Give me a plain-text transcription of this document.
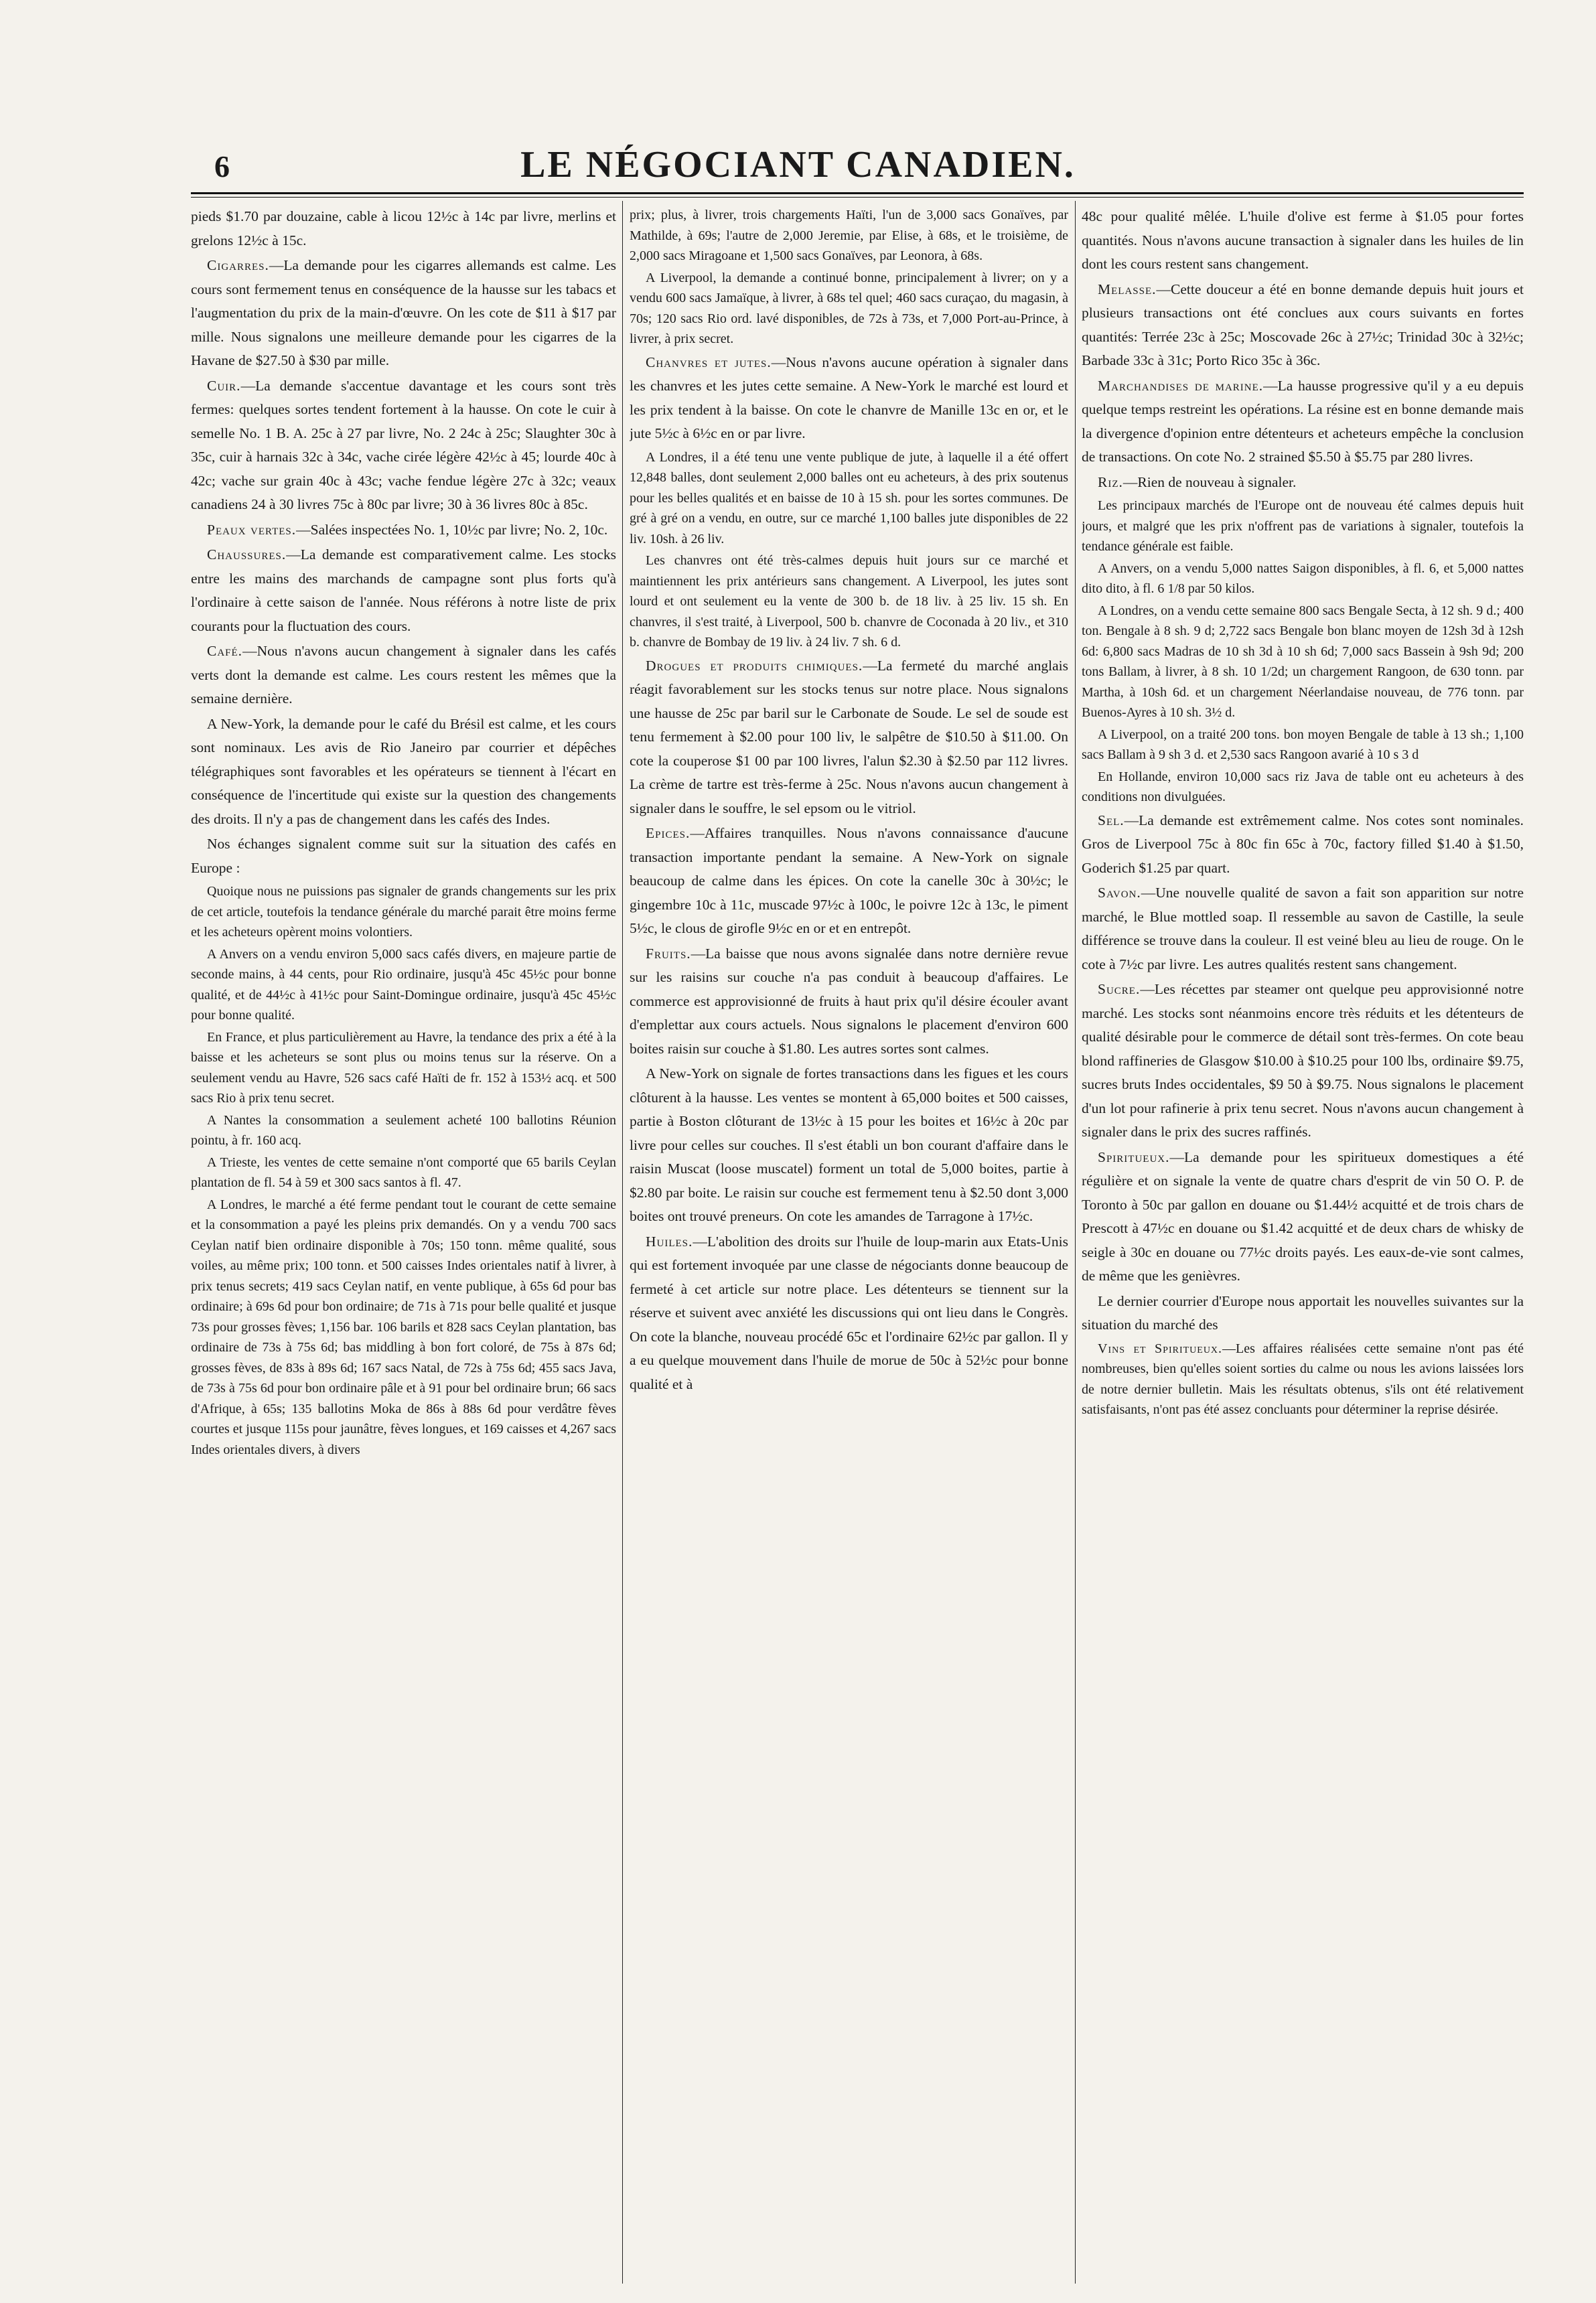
6	LE NÉGOCIANT CANADIEN.

pieds $1.70 par douzaine, cable à licou 12½c à 14c par livre, merlins et grelons 12½c à 15c.

Cigarres.—La demande pour les cigarres allemands est calme. Les cours sont fermement tenus en conséquence de la hausse sur les tabacs et l'augmentation du prix de la main-d'œuvre. On les cote de $11 à $17 par mille. Nous signalons une meilleure demande pour les cigarres de la Havane de $27.50 à $30 par mille.

Cuir.—La demande s'accentue davantage et les cours sont très fermes: quelques sortes tendent fortement à la hausse. On cote le cuir à semelle No. 1 B. A. 25c à 27 par livre, No. 2 24c à 25c; Slaughter 30c à 35c, cuir à harnais 32c à 34c, vache cirée légère 42½c à 45; lourde 40c à 42c; vache sur grain 40c à 43c; vache fendue légère 27c à 32c; veaux canadiens 24 à 30 livres 75c à 80c par livre; 30 à 36 livres 80c à 85c.

Peaux vertes.—Salées inspectées No. 1, 10½c par livre; No. 2, 10c.

Chaussures.—La demande est comparativement calme. Les stocks entre les mains des marchands de campagne sont plus forts qu'à l'ordinaire à cette saison de l'année. Nous référons à notre liste de prix courants pour la fluctuation des cours.

Café.—Nous n'avons aucun changement à signaler dans les cafés verts dont la demande est calme. Les cours restent les mêmes que la semaine dernière.

A New-York, la demande pour le café du Brésil est calme, et les cours sont nominaux. Les avis de Rio Janeiro par courrier et dépêches télégraphiques sont favorables et les opérateurs se tiennent à l'écart en conséquence de l'incertitude qui existe sur la question des changements des droits. Il n'y a pas de changement dans les cafés des Indes.

Nos échanges signalent comme suit sur la situation des cafés en Europe :

Quoique nous ne puissions pas signaler de grands changements sur les prix de cet article, toutefois la tendance générale du marché parait être moins ferme et les acheteurs opèrent moins volontiers.

A Anvers on a vendu environ 5,000 sacs cafés divers, en majeure partie de seconde mains, à 44 cents, pour Rio ordinaire, jusqu'à 45c 45½c pour bonne qualité, et de 44½c à 41½c pour Saint-Domingue ordinaire, jusqu'à 45c 45½c pour bonne qualité.

En France, et plus particulièrement au Havre, la tendance des prix a été à la baisse et les acheteurs se sont plus ou moins tenus sur la réserve. On a seulement vendu au Havre, 526 sacs café Haïti de fr. 152 à 153½ acq. et 500 sacs Rio à prix tenu secret.

A Nantes la consommation a seulement acheté 100 ballotins Réunion pointu, à fr. 160 acq.

A Trieste, les ventes de cette semaine n'ont comporté que 65 barils Ceylan plantation de fl. 54 à 59 et 300 sacs santos à fl. 47.

A Londres, le marché a été ferme pendant tout le courant de cette semaine et la consommation a payé les pleins prix demandés. On y a vendu 700 sacs Ceylan natif bien ordinaire disponible à 70s; 150 tonn. même qualité, sous voiles, au même prix; 100 tonn. et 500 caisses Indes orientales natif à livrer, à prix tenus secrets; 419 sacs Ceylan natif, en vente publique, à 65s 6d pour bas ordinaire; à 69s 6d pour bon ordinaire; de 71s à 71s pour belle qualité et jusque 73s pour grosses fèves; 1,156 bar. 106 barils et 828 sacs Ceylan plantation, bas ordinaire de 73s à 75s 6d; bas middling à bon fort coloré, de 75s à 87s 6d; grosses fèves, de 83s à 89s 6d; 167 sacs Natal, de 72s à 75s 6d; 455 sacs Java, de 73s à 75s 6d pour bon ordinaire pâle et à 91 pour bel ordinaire brun; 66 sacs d'Afrique, à 65s; 135 ballotins Moka de 86s à 88s 6d pour verdâtre fèves courtes et jusque 115s pour jaunâtre, fèves longues, et 169 caisses et 4,267 sacs Indes orientales divers, à divers

prix; plus, à livrer, trois chargements Haïti, l'un de 3,000 sacs Gonaïves, par Mathilde, à 69s; l'autre de 2,000 Jeremie, par Elise, à 68s, et le troisième, de 2,000 sacs Miragoane et 1,500 sacs Gonaïves, par Leonora, à 68s.

A Liverpool, la demande a continué bonne, principalement à livrer; on y a vendu 600 sacs Jamaïque, à livrer, à 68s tel quel; 460 sacs curaçao, du magasin, à 70s; 120 sacs Rio ord. lavé disponibles, de 72s à 73s, et 7,000 Port-au-Prince, à livrer, à prix secret.

Chanvres et jutes.—Nous n'avons aucune opération à signaler dans les chanvres et les jutes cette semaine. A New-York le marché est lourd et les prix tendent à la baisse. On cote le chanvre de Manille 13c en or, et le jute 5½c à 6½c en or par livre.

A Londres, il a été tenu une vente publique de jute, à laquelle il a été offert 12,848 balles, dont seulement 2,000 balles ont eu acheteurs, à des prix soutenus pour les belles qualités et en baisse de 10 à 15 sh. pour les sortes communes. De gré à gré on a vendu, en outre, sur ce marché 1,100 balles jute disponibles de 22 liv. 10sh. à 26 liv.

Les chanvres ont été très-calmes depuis huit jours sur ce marché et maintiennent les prix antérieurs sans changement. A Liverpool, les jutes sont lourd et ont seulement eu la vente de 300 b. de 18 liv. à 25 liv. 15 sh. En chanvres, il s'est traité, à Liverpool, 500 b. chanvre de Coconada à 20 liv., et 310 b. chanvre de Bombay de 19 liv. à 24 liv. 7 sh. 6 d.

Drogues et produits chimiques.—La fermeté du marché anglais réagit favorablement sur les stocks tenus sur notre place. Nous signalons une hausse de 25c par baril sur le Carbonate de Soude. Le sel de soude est tenu fermement à $2.00 pour 100 liv, le salpêtre de $10.50 à $11.00. On cote la couperose $1 00 par 100 livres, l'alun $2.30 à $2.50 par 112 livres. La crème de tartre est très-ferme à 25c. Nous n'avons aucun changement à signaler dans le souffre, le sel epsom ou le vitriol.

Epices.—Affaires tranquilles. Nous n'avons connaissance d'aucune transaction importante pendant la semaine. A New-York on signale beaucoup de calme dans les épices. On cote la canelle 30c à 30½c; le gingembre 10c à 11c, muscade 97½c à 100c, le poivre 12c à 13c, le piment 5½c, le clous de girofle 9½c en or et en entrepôt.

Fruits.—La baisse que nous avons signalée dans notre dernière revue sur les raisins sur couche n'a pas conduit à beaucoup d'affaires. Le commerce est approvisionné de fruits à haut prix qu'il désire écouler avant d'emplettar aux cours actuels. Nous signalons le placement d'environ 600 boites raisin sur couche à $1.80. Les autres sortes sont calmes.

A New-York on signale de fortes transactions dans les figues et les cours clôturent à la hausse. Les ventes se montent à 65,000 boites et 500 caisses, partie à Boston clôturant de 13½c à 15 pour les boites et 16½c à 20c par livre pour celles sur couches. Il s'est établi un bon courant d'affaire dans le raisin Muscat (loose muscatel) forment un total de 5,000 boites, partie à $2.80 par boite. Le raisin sur couche est fermement tenu à $2.50 dont 3,000 boites ont trouvé preneurs. On cote les amandes de Tarragone à 17½c.

Huiles.—L'abolition des droits sur l'huile de loup-marin aux Etats-Unis qui est fortement invoquée par une classe de négociants donne beaucoup de fermeté à cet article sur notre place. Les détenteurs se tiennent sur la réserve et suivent avec anxiété les discussions qui ont lieu dans le Congrès. On cote la blanche, nouveau procédé 65c et l'ordinaire 62½c par gallon. Il y a eu quelque mouvement dans l'huile de morue de 50c à 52½c pour bonne qualité et à

48c pour qualité mêlée. L'huile d'olive est ferme à $1.05 pour fortes quantités. Nous n'avons aucune transaction à signaler dans les huiles de lin dont les cours restent sans changement.

Melasse.—Cette douceur a été en bonne demande depuis huit jours et plusieurs transactions ont été conclues aux cours suivants en fortes quantités: Terrée 23c à 25c; Moscovade 26c à 27½c; Trinidad 30c à 32½c; Barbade 33c à 31c; Porto Rico 35c à 36c.

Marchandises de marine.—La hausse progressive qu'il y a eu depuis quelque temps restreint les opérations. La résine est en bonne demande mais la divergence d'opinion entre détenteurs et acheteurs empêche la conclusion de transactions. On cote No. 2 strained $5.50 à $5.75 par 280 livres.

Riz.—Rien de nouveau à signaler.

Les principaux marchés de l'Europe ont de nouveau été calmes depuis huit jours, et malgré que les prix n'offrent pas de variations à signaler, toutefois la tendance générale est faible.

A Anvers, on a vendu 5,000 nattes Saigon disponibles, à fl. 6, et 5,000 nattes dito dito, à fl. 6 1/8 par 50 kilos.

A Londres, on a vendu cette semaine 800 sacs Bengale Secta, à 12 sh. 9 d.; 400 ton. Bengale à 8 sh. 9 d; 2,722 sacs Bengale bon blanc moyen de 12sh 3d à 12sh 6d: 6,800 sacs Madras de 10 sh 3d à 10 sh 6d; 7,000 sacs Bassein à 9sh 9d; 200 tons Ballam, à livrer, à 8 sh. 10 1/2d; un chargement Rangoon, de 630 tonn. par Martha, à 10sh 6d. et un chargement Néerlandaise nouveau, de 776 tonn. par Buenos-Ayres à 10 sh. 3½ d.

A Liverpool, on a traité 200 tons. bon moyen Bengale de table à 13 sh.; 1,100 sacs Ballam à 9 sh 3 d. et 2,530 sacs Rangoon avarié à 10 s 3 d

En Hollande, environ 10,000 sacs riz Java de table ont eu acheteurs à des conditions non divulguées.

Sel.—La demande est extrêmement calme. Nos cotes sont nominales. Gros de Liverpool 75c à 80c fin 65c à 70c, factory filled $1.40 à $1.50, Goderich $1.25 par quart.

Savon.—Une nouvelle qualité de savon a fait son apparition sur notre marché, le Blue mottled soap. Il ressemble au savon de Castille, la seule différence se trouve dans la couleur. Il est veiné bleu au lieu de rouge. On le cote à 7½c par livre. Les autres qualités restent sans changement.

Sucre.—Les récettes par steamer ont quelque peu approvisionné notre marché. Les stocks sont néanmoins encore très réduits et les détenteurs de qualité désirable pour le commerce de détail sont très-fermes. On cote beau blond raffineries de Glasgow $10.00 à $10.25 pour 100 lbs, ordinaire $9.75, sucres bruts Indes occidentales, $9 50 à $9.75. Nous signalons le placement d'un lot pour rafinerie à prix tenu secret. Nous n'avons aucun changement à signaler dans le prix des sucres raffinés.

Spiritueux.—La demande pour les spiritueux domestiques a été régulière et on signale la vente de quatre chars d'esprit de vin 50 O. P. de Toronto à 50c par gallon en douane ou $1.44½ acquitté et de trois chars de Prescott à 47½c en douane ou $1.42 acquitté et de deux chars de whisky de seigle à 30c en douane ou 77½c droits payés. Les eaux-de-vie sont calmes, de même que les genièvres.

Le dernier courrier d'Europe nous apportait les nouvelles suivantes sur la situation du marché des

Vins et Spiritueux.—Les affaires réalisées cette semaine n'ont pas été nombreuses, bien qu'elles soient sorties du calme ou nous les avions laissées lors de notre dernier bulletin. Mais les résultats obtenus, s'ils ont été relativement satisfaisants, n'ont pas été assez concluants pour déterminer la reprise désirée.
